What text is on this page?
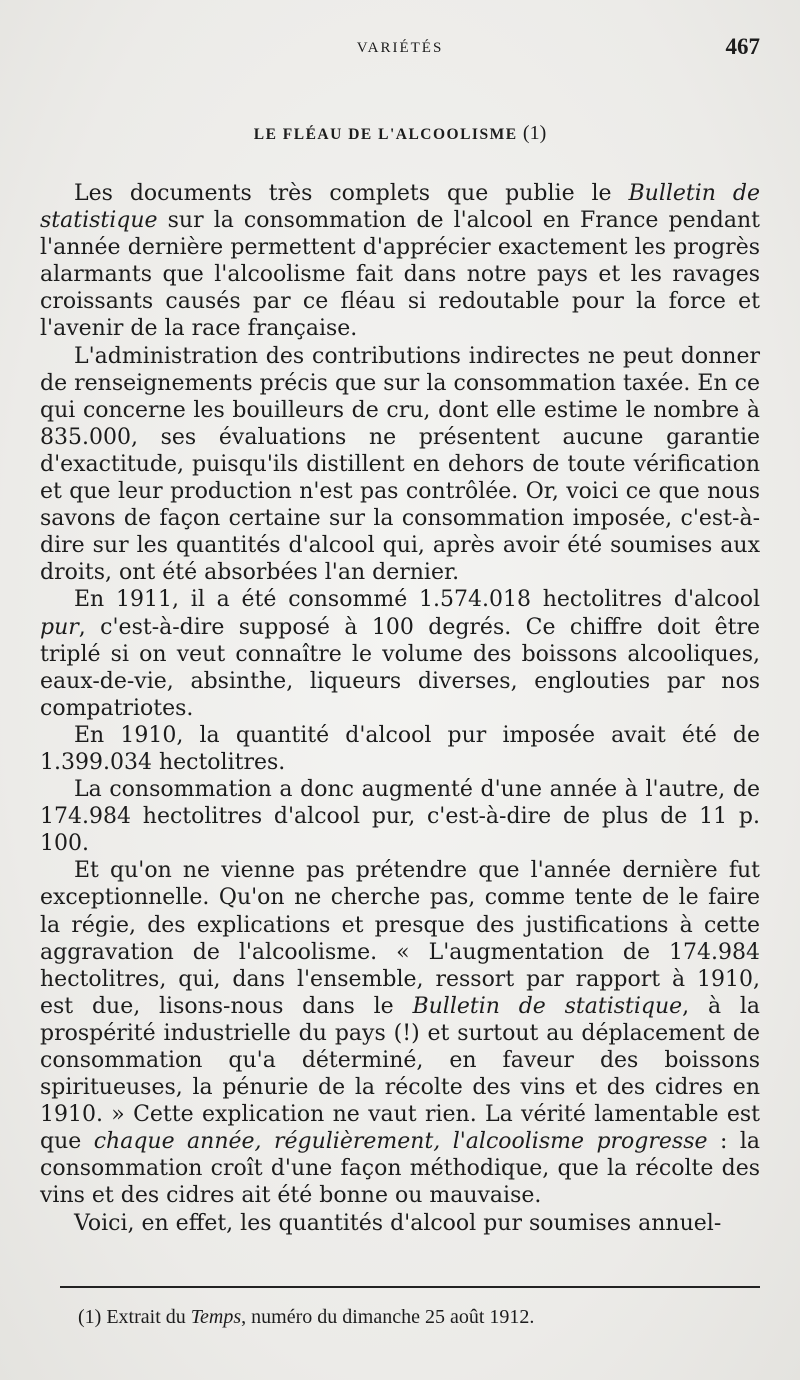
VARIÉTÉS	467
LE FLÉAU DE L'ALCOOLISME (1)

Les documents très complets que publie le Bulletin de statistique sur la consommation de l'alcool en France pendant l'année dernière permettent d'apprécier exactement les progrès alarmants que l'alcoolisme fait dans notre pays et les ravages croissants causés par ce fléau si redoutable pour la force et l'avenir de la race française.

L'administration des contributions indirectes ne peut donner de renseignements précis que sur la consommation taxée. En ce qui concerne les bouilleurs de cru, dont elle estime le nombre à 835.000, ses évaluations ne présentent aucune garantie d'exactitude, puisqu'ils distillent en dehors de toute vérification et que leur production n'est pas contrôlée. Or, voici ce que nous savons de façon certaine sur la consommation imposée, c'est-à-dire sur les quantités d'alcool qui, après avoir été soumises aux droits, ont été absorbées l'an dernier.

En 1911, il a été consommé 1.574.018 hectolitres d'alcool pur, c'est-à-dire supposé à 100 degrés. Ce chiffre doit être triplé si on veut connaître le volume des boissons alcooliques, eaux-de-vie, absinthe, liqueurs diverses, englouties par nos compatriotes.

En 1910, la quantité d'alcool pur imposée avait été de 1.399.034 hectolitres.

La consommation a donc augmenté d'une année à l'autre, de 174.984 hectolitres d'alcool pur, c'est-à-dire de plus de 11 p. 100.

Et qu'on ne vienne pas prétendre que l'année dernière fut exceptionnelle. Qu'on ne cherche pas, comme tente de le faire la régie, des explications et presque des justifications à cette aggravation de l'alcoolisme. « L'augmentation de 174.984 hectolitres, qui, dans l'ensemble, ressort par rapport à 1910, est due, lisons-nous dans le Bulletin de statistique, à la prospérité industrielle du pays (!) et surtout au déplacement de consommation qu'a déterminé, en faveur des boissons spiritueuses, la pénurie de la récolte des vins et des cidres en 1910. » Cette explication ne vaut rien. La vérité lamentable est que chaque année, régulièrement, l'alcoolisme progresse : la consommation croît d'une façon méthodique, que la récolte des vins et des cidres ait été bonne ou mauvaise.

Voici, en effet, les quantités d'alcool pur soumises annuel-

(1) Extrait du Temps, numéro du dimanche 25 août 1912.
